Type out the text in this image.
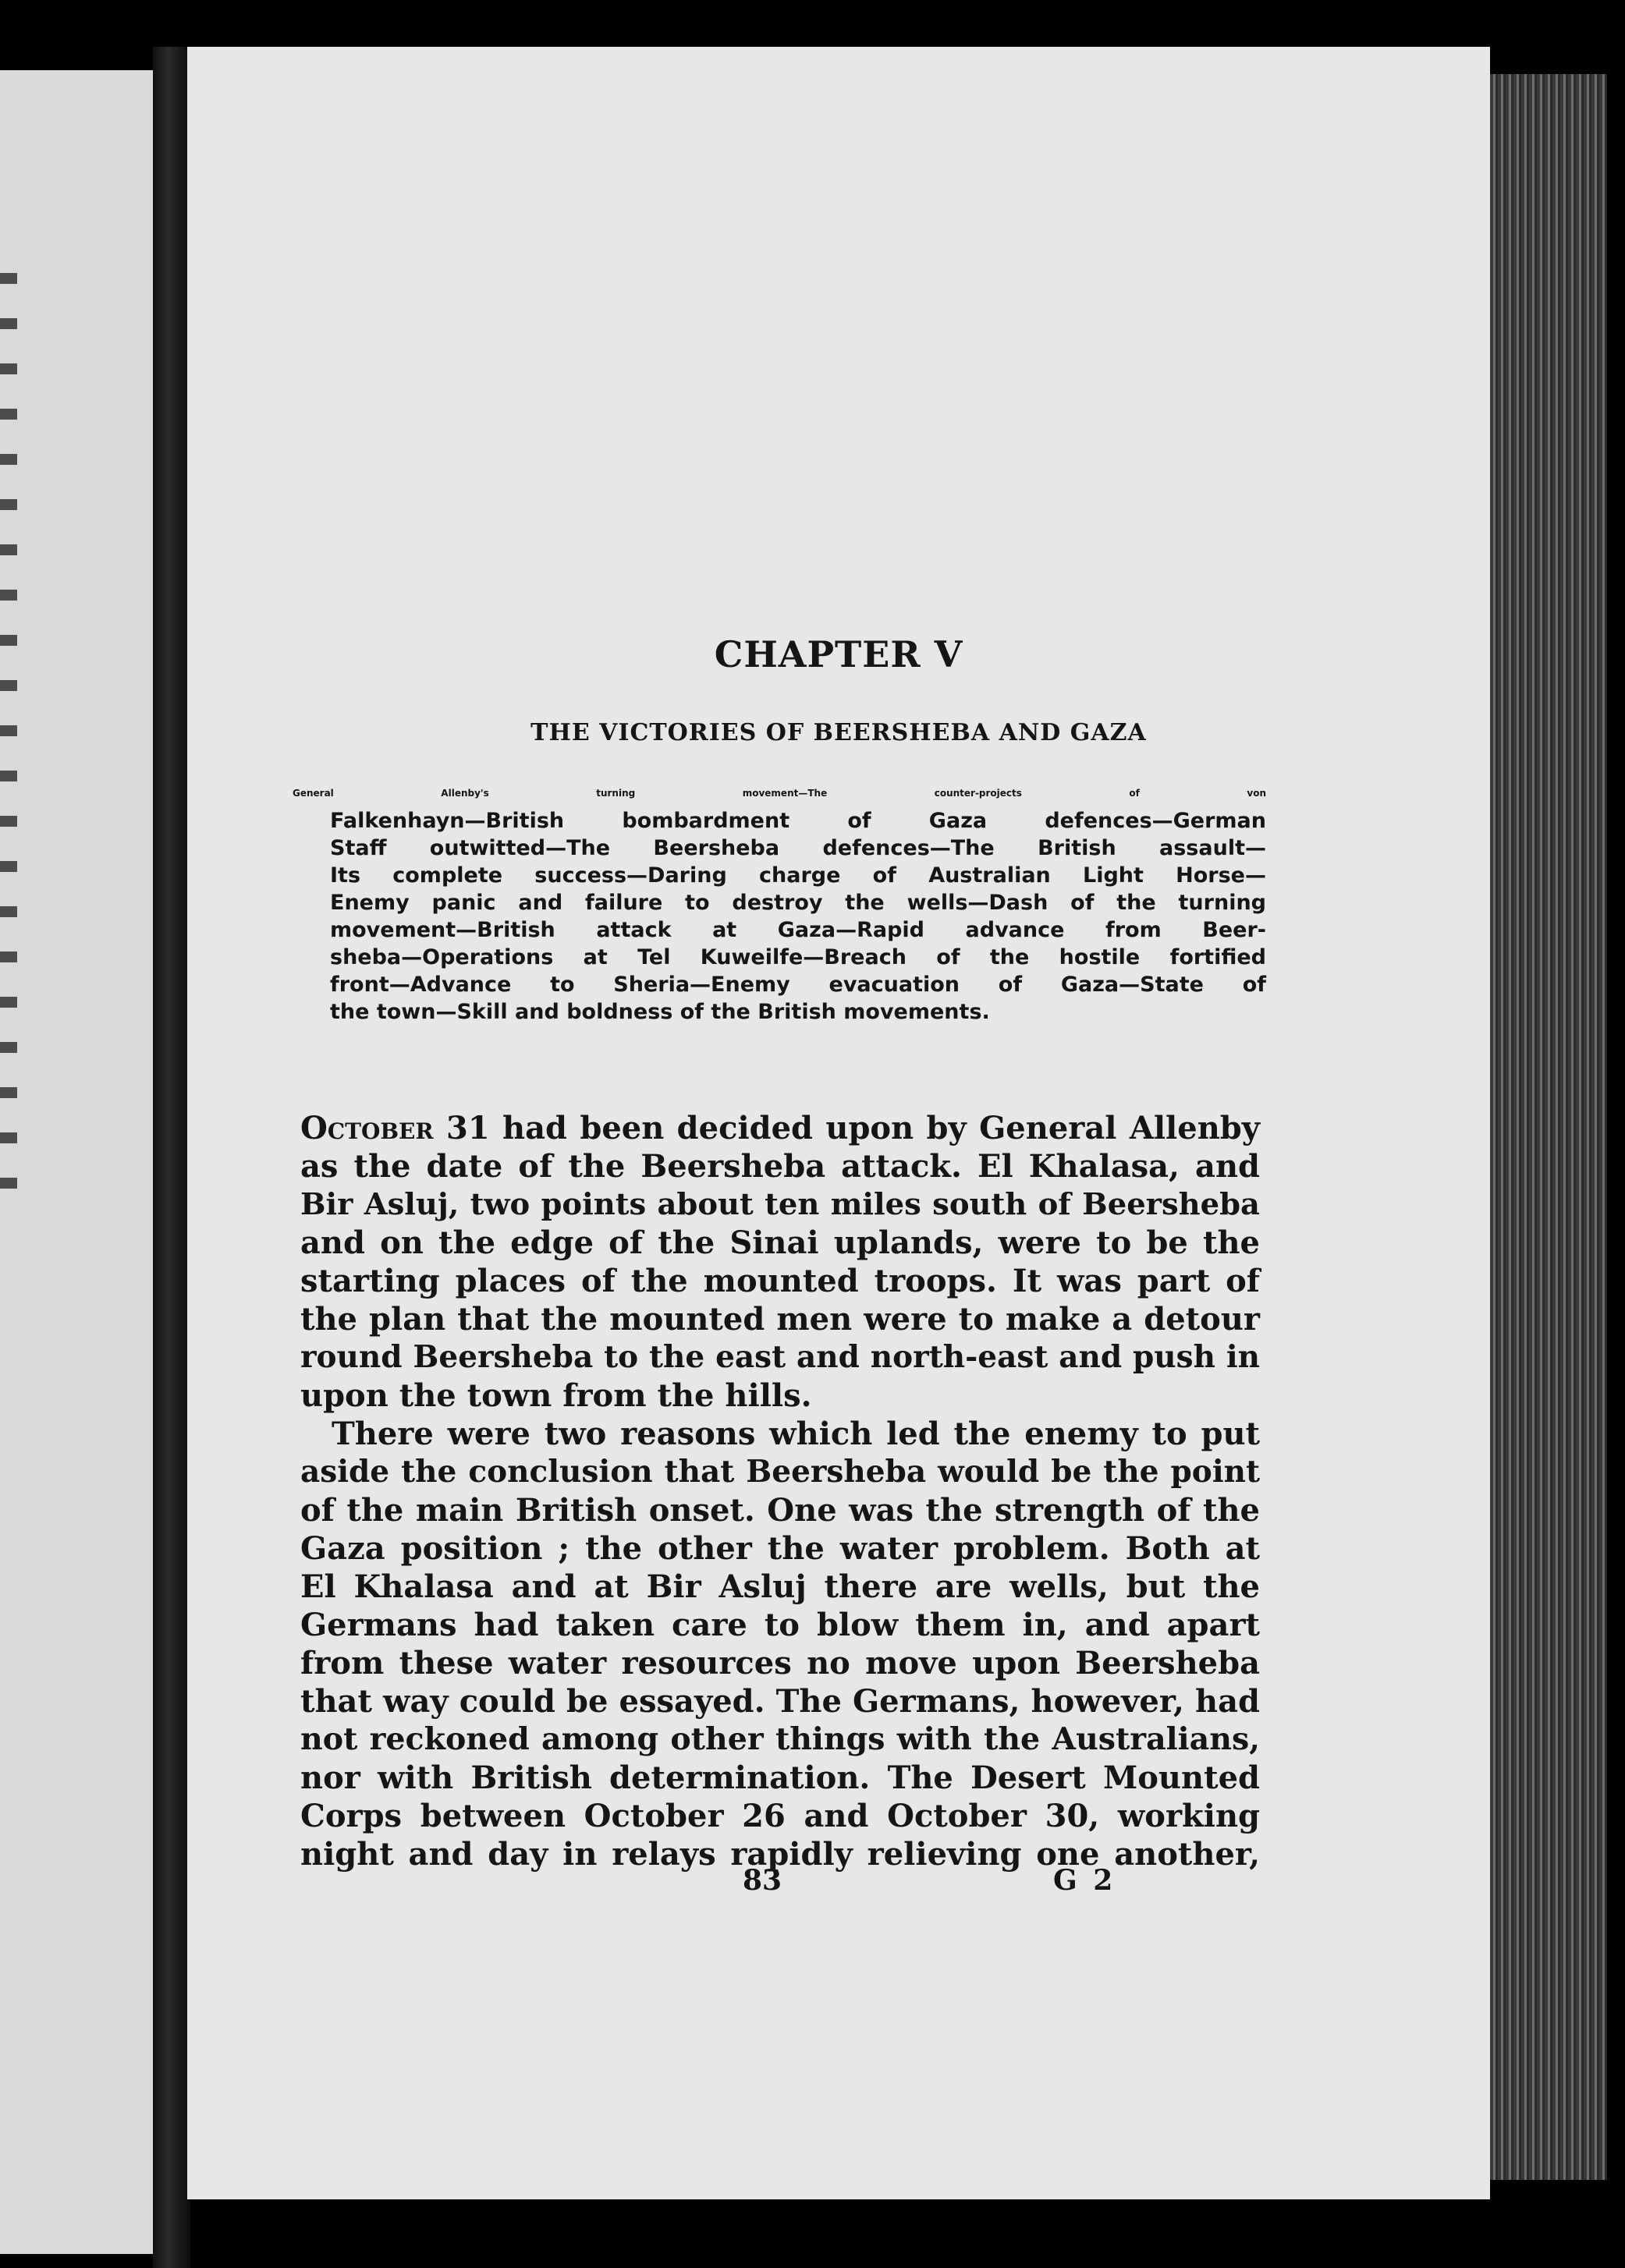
CHAPTER V
THE VICTORIES OF BEERSHEBA AND GAZA
General Allenby's turning movement—The counter-projects of von
Falkenhayn—British bombardment of Gaza defences—German
Staff outwitted—The Beersheba defences—The British assault—
Its complete success—Daring charge of Australian Light Horse—
Enemy panic and failure to destroy the wells—Dash of the turning
movement—British attack at Gaza—Rapid advance from Beer-
sheba—Operations at Tel Kuweilfe—Breach of the hostile fortified
front—Advance to Sheria—Enemy evacuation of Gaza—State of
the town—Skill and boldness of the British movements.
October 31 had been decided upon by General Allenby
as the date of the Beersheba attack. El Khalasa, and
Bir Asluj, two points about ten miles south of Beersheba
and on the edge of the Sinai uplands, were to be the
starting places of the mounted troops. It was part of
the plan that the mounted men were to make a detour
round Beersheba to the east and north-east and push in
upon the town from the hills.
There were two reasons which led the enemy to put
aside the conclusion that Beersheba would be the point
of the main British onset. One was the strength of the
Gaza position ; the other the water problem. Both at
El Khalasa and at Bir Asluj there are wells, but the
Germans had taken care to blow them in, and apart
from these water resources no move upon Beersheba
that way could be essayed. The Germans, however, had
not reckoned among other things with the Australians,
nor with British determination. The Desert Mounted
Corps between October 26 and October 30, working
night and day in relays rapidly relieving one another,
83	G 2
